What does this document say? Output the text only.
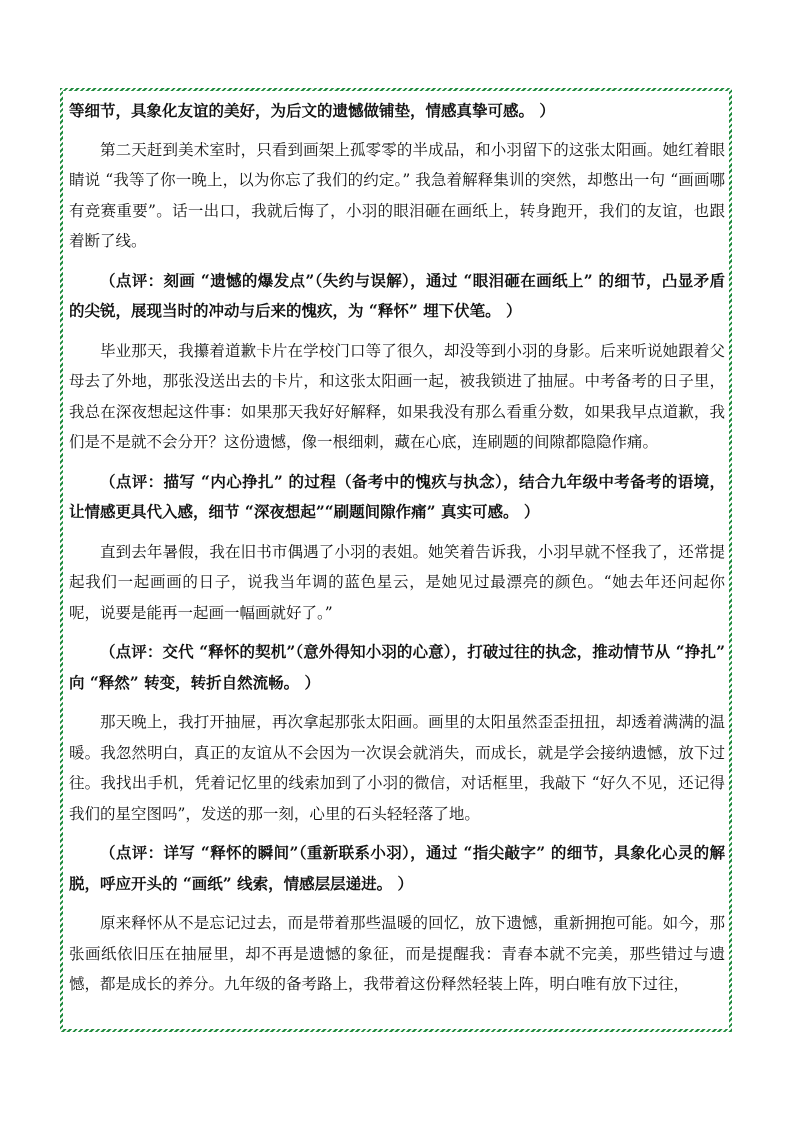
等细节，具象化友谊的美好，为后文的遗憾做铺垫，情感真挚可感。 ）

第二天赶到美术室时，只看到画架上孤零零的半成品，和小羽留下的这张太阳画。她红着眼睛说 “我等了你一晚上，以为你忘了我们的约定。” 我急着解释集训的突然，却憋出一句 “画画哪有竞赛重要”。话一出口，我就后悔了，小羽的眼泪砸在画纸上，转身跑开，我们的友谊，也跟着断了线。

（点评：刻画 “遗憾的爆发点”（失约与误解），通过 “眼泪砸在画纸上” 的细节，凸显矛盾的尖锐，展现当时的冲动与后来的愧疚，为 “释怀” 埋下伏笔。 ）

毕业那天，我攥着道歉卡片在学校门口等了很久，却没等到小羽的身影。后来听说她跟着父母去了外地，那张没送出去的卡片，和这张太阳画一起，被我锁进了抽屉。中考备考的日子里，我总在深夜想起这件事：如果那天我好好解释，如果我没有那么看重分数，如果我早点道歉，我们是不是就不会分开？这份遗憾，像一根细刺，藏在心底，连刷题的间隙都隐隐作痛。

（点评：描写 “内心挣扎” 的过程（备考中的愧疚与执念），结合九年级中考备考的语境，让情感更具代入感，细节 “深夜想起”“刷题间隙作痛” 真实可感。 ）

直到去年暑假，我在旧书市偶遇了小羽的表姐。她笑着告诉我，小羽早就不怪我了，还常提起我们一起画画的日子，说我当年调的蓝色星云，是她见过最漂亮的颜色。“她去年还问起你呢，说要是能再一起画一幅画就好了。”

（点评：交代 “释怀的契机”（意外得知小羽的心意），打破过往的执念，推动情节从 “挣扎” 向 “释然” 转变，转折自然流畅。 ）

那天晚上，我打开抽屉，再次拿起那张太阳画。画里的太阳虽然歪歪扭扭，却透着满满的温暖。我忽然明白，真正的友谊从不会因为一次误会就消失，而成长，就是学会接纳遗憾，放下过往。我找出手机，凭着记忆里的线索加到了小羽的微信，对话框里，我敲下 “好久不见，还记得我们的星空图吗”，发送的那一刻，心里的石头轻轻落了地。

（点评：详写 “释怀的瞬间”（重新联系小羽），通过 “指尖敲字” 的细节，具象化心灵的解脱，呼应开头的 “画纸” 线索，情感层层递进。 ）

原来释怀从不是忘记过去，而是带着那些温暖的回忆，放下遗憾，重新拥抱可能。如今，那张画纸依旧压在抽屉里，却不再是遗憾的象征，而是提醒我：青春本就不完美，那些错过与遗憾，都是成长的养分。九年级的备考路上，我带着这份释然轻装上阵，明白唯有放下过往，
